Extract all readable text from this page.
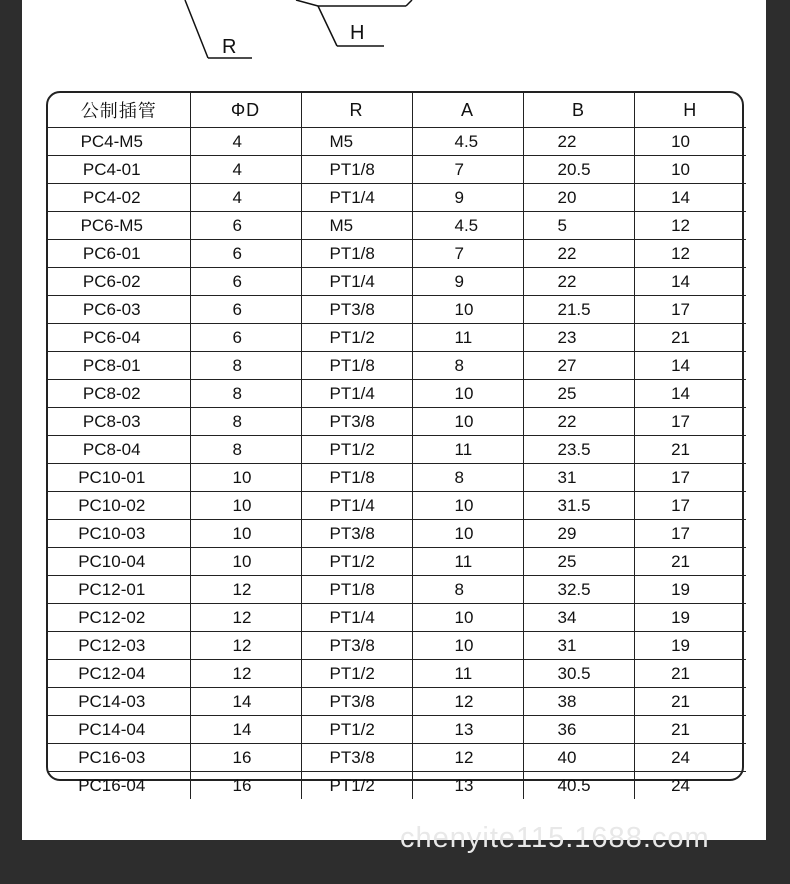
R
H
公制插管	ΦD	R	A	B	H
PC4-M5	4	M5	4.5	22	10
PC4-01	4	PT1/8	7	20.5	10
PC4-02	4	PT1/4	9	20	14
PC6-M5	6	M5	4.5	5	12
PC6-01	6	PT1/8	7	22	12
PC6-02	6	PT1/4	9	22	14
PC6-03	6	PT3/8	10	21.5	17
PC6-04	6	PT1/2	11	23	21
PC8-01	8	PT1/8	8	27	14
PC8-02	8	PT1/4	10	25	14
PC8-03	8	PT3/8	10	22	17
PC8-04	8	PT1/2	11	23.5	21
PC10-01	10	PT1/8	8	31	17
PC10-02	10	PT1/4	10	31.5	17
PC10-03	10	PT3/8	10	29	17
PC10-04	10	PT1/2	11	25	21
PC12-01	12	PT1/8	8	32.5	19
PC12-02	12	PT1/4	10	34	19
PC12-03	12	PT3/8	10	31	19
PC12-04	12	PT1/2	11	30.5	21
PC14-03	14	PT3/8	12	38	21
PC14-04	14	PT1/2	13	36	21
PC16-03	16	PT3/8	12	40	24
PC16-04	16	PT1/2	13	40.5	24
chenyite115.1688.com
